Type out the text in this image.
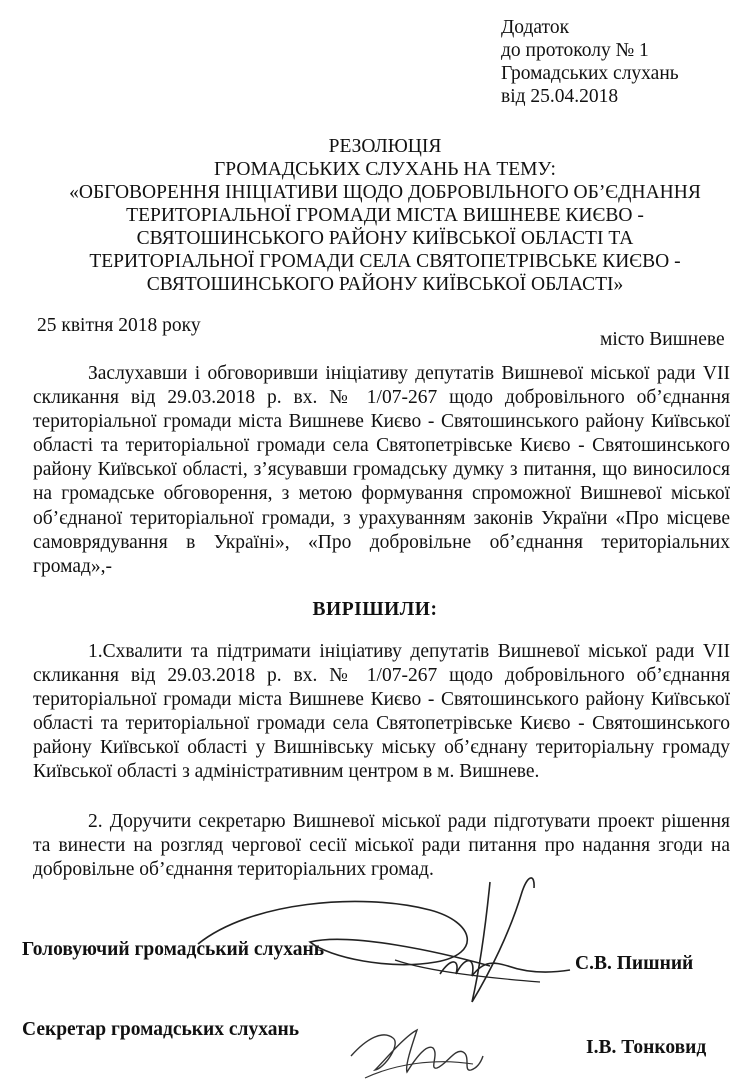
Додаток
до протоколу № 1
Громадських слухань
від 25.04.2018
РЕЗОЛЮЦІЯ
ГРОМАДСЬКИХ СЛУХАНЬ НА ТЕМУ:
«ОБГОВОРЕННЯ ІНІЦІАТИВИ ЩОДО ДОБРОВІЛЬНОГО ОБ’ЄДНАННЯ
ТЕРИТОРІАЛЬНОЇ ГРОМАДИ МІСТА ВИШНЕВЕ КИЄВО -
СВЯТОШИНСЬКОГО РАЙОНУ КИЇВСЬКОЇ ОБЛАСТІ ТА
ТЕРИТОРІАЛЬНОЇ ГРОМАДИ СЕЛА СВЯТОПЕТРІВСЬКЕ КИЄВО -
СВЯТОШИНСЬКОГО РАЙОНУ КИЇВСЬКОЇ ОБЛАСТІ»
25 квітня 2018 року
місто Вишневе
Заслухавши і обговоривши ініціативу депутатів Вишневої міської ради VII скликання від 29.03.2018 р. вх. № 1/07-267 щодо добровільного об’єднання територіальної громади міста Вишневе Києво - Святошинського району Київської області та територіальної громади села Святопетрівське Києво - Святошинського району Київської області, з’ясувавши громадську думку з питання, що виносилося на громадське обговорення, з метою формування спроможної Вишневої міської об’єднаної територіальної громади, з урахуванням законів України «Про місцеве самоврядування в Україні», «Про добровільне об’єднання територіальних громад»,-
ВИРІШИЛИ:
1.Схвалити та підтримати ініціативу депутатів Вишневої міської ради VII скликання від 29.03.2018 р. вх. № 1/07-267 щодо добровільного об’єднання територіальної громади міста Вишневе Києво - Святошинського району Київської області та територіальної громади села Святопетрівське Києво - Святошинського району Київської області у Вишнівську міську об’єднану територіальну громаду Київської області з адміністративним центром в м. Вишневе.
2. Доручити секретарю Вишневої міської ради підготувати проект рішення та винести на розгляд чергової сесії міської ради питання про надання згоди на добровільне об’єднання територіальних громад.
Головуючий громадський слухань
С.В. Пишний
Секретар громадських слухань
І.В. Тонковид
